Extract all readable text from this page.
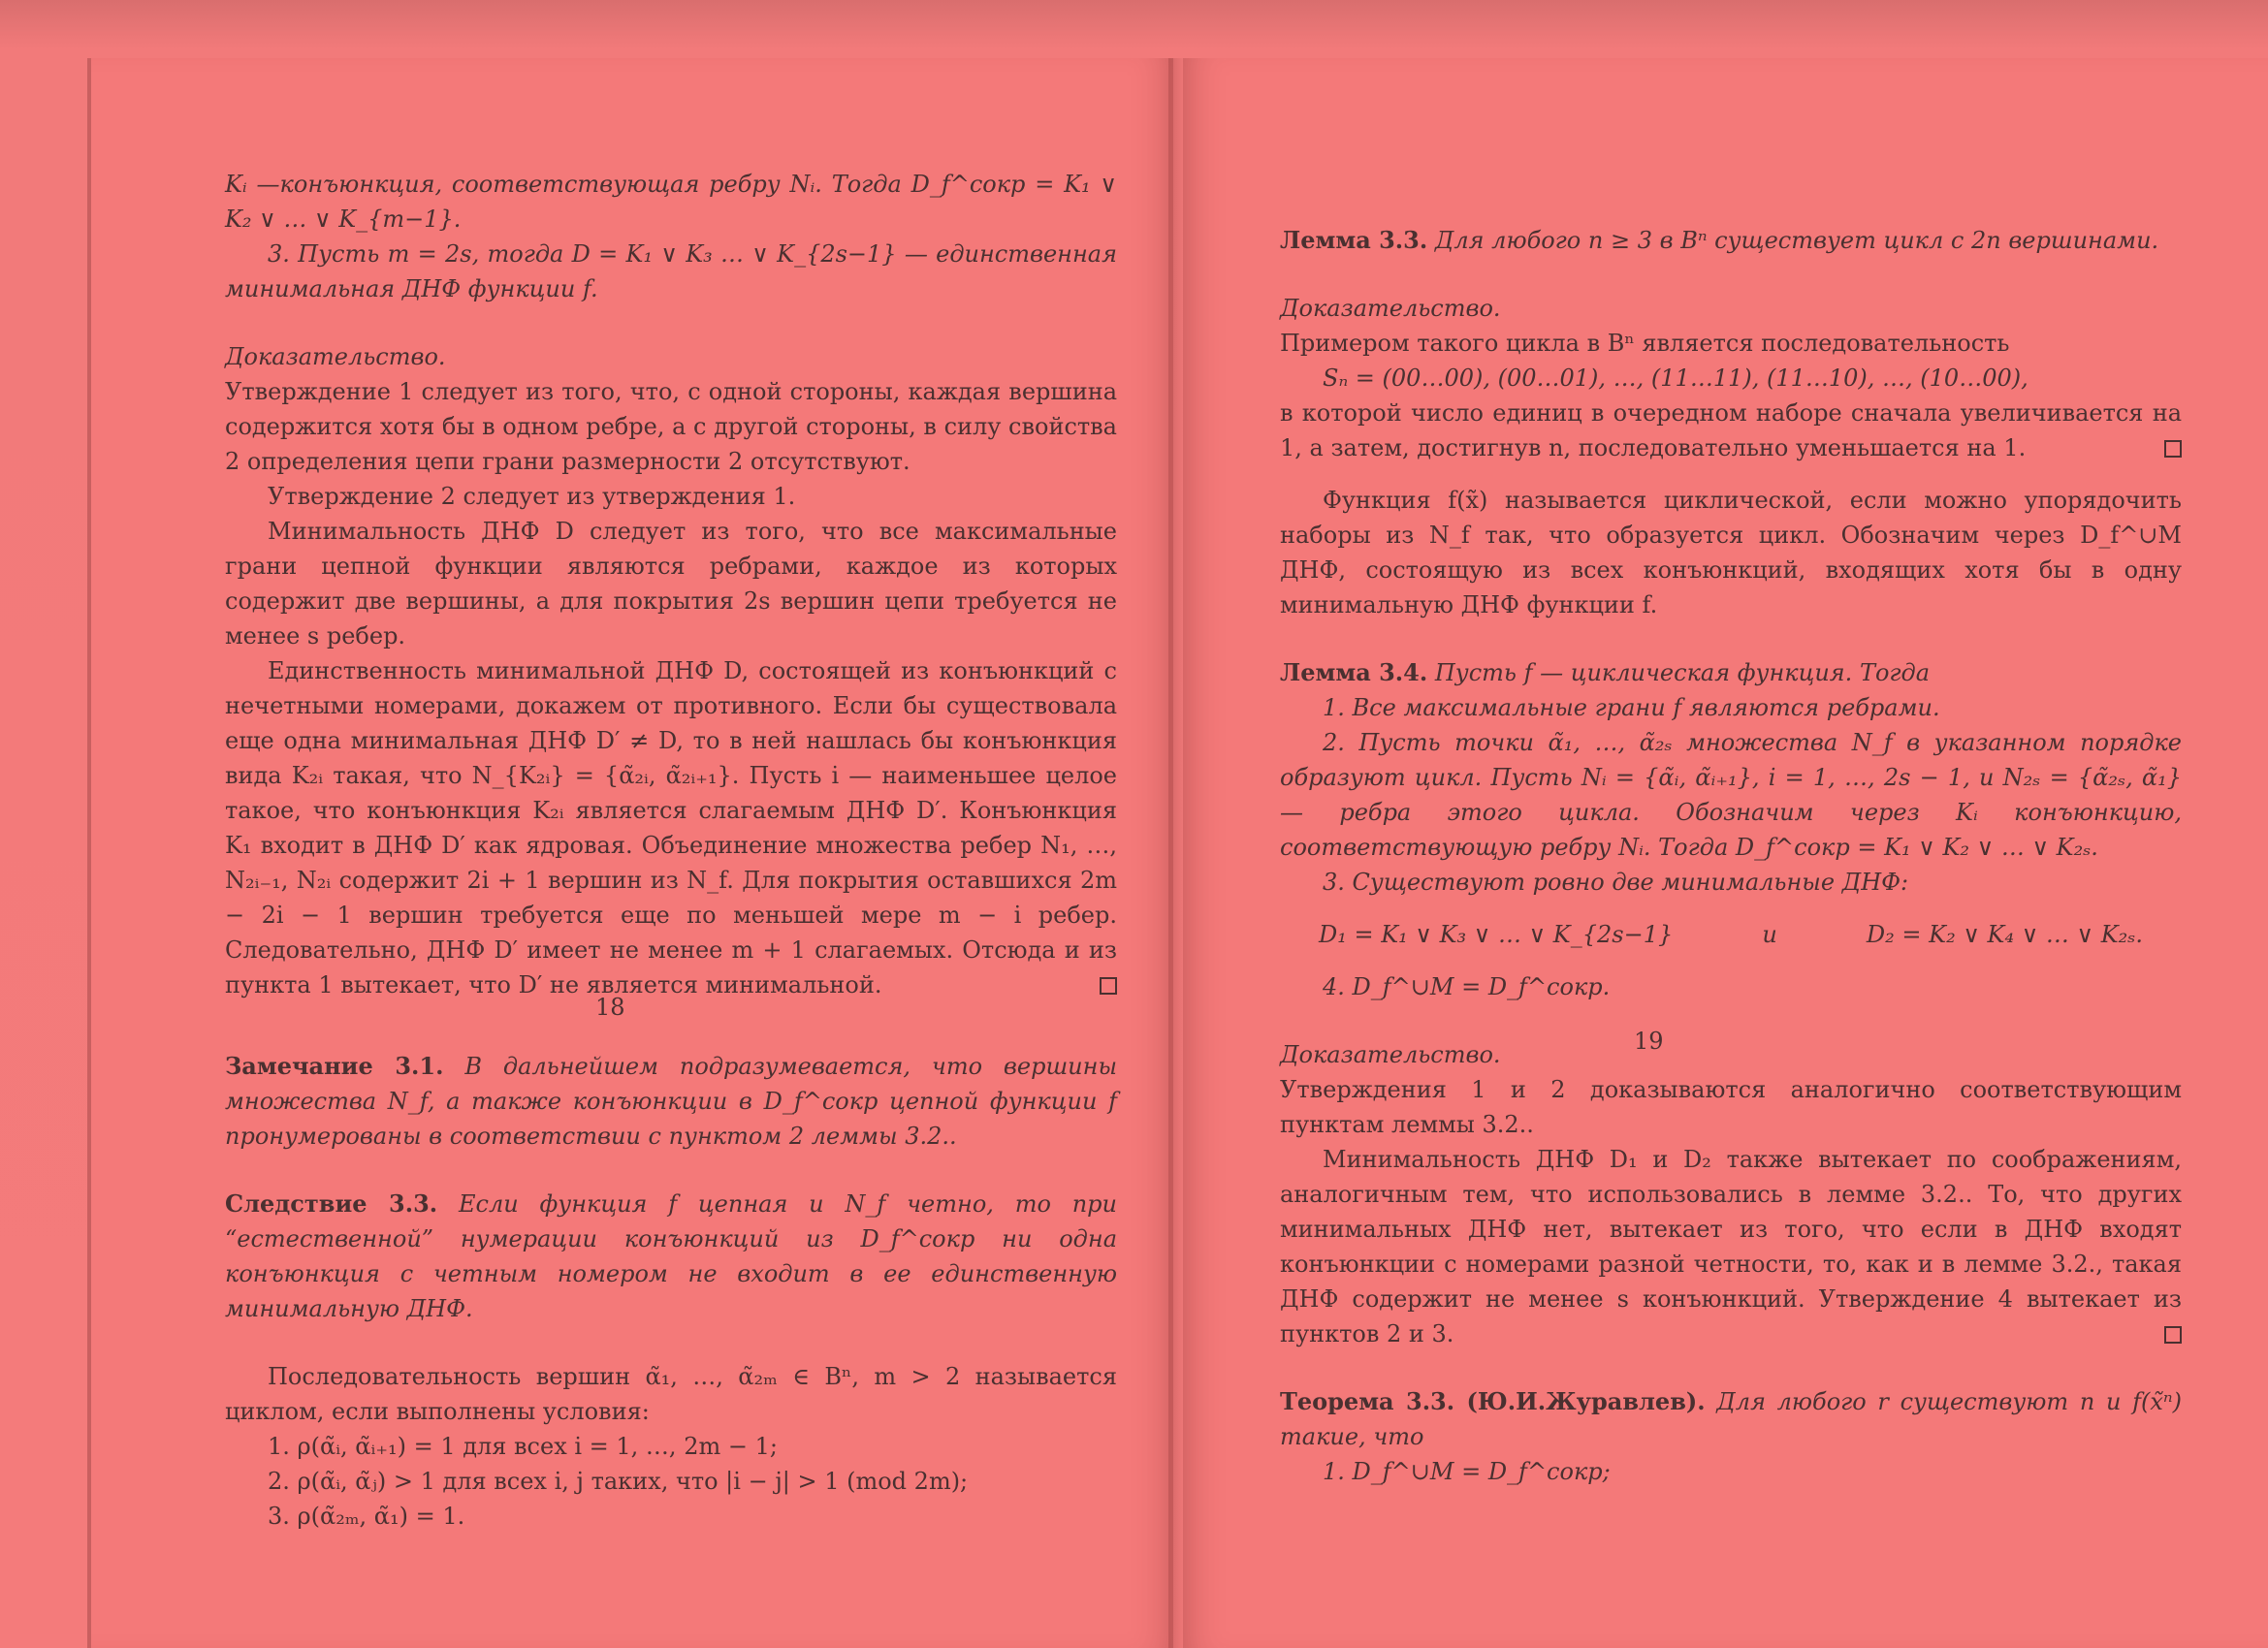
Kᵢ —конъюнкция, соответствующая ребру Nᵢ. Тогда D_f^сокр = K₁ ∨ K₂ ∨ … ∨ K_{m−1}.

3. Пусть m = 2s, тогда D = K₁ ∨ K₃ … ∨ K_{2s−1} — единственная минимальная ДНФ функции f.

Доказательство.

Утверждение 1 следует из того, что, с одной стороны, каждая вершина содержится хотя бы в одном ребре, а с другой стороны, в силу свойства 2 определения цепи грани размерности 2 отсутствуют.

Утверждение 2 следует из утверждения 1.

Минимальность ДНФ D следует из того, что все максимальные грани цепной функции являются ребрами, каждое из которых содержит две вершины, а для покрытия 2s вершин цепи требуется не менее s ребер.

Единственность минимальной ДНФ D, состоящей из конъюнкций с нечетными номерами, докажем от противного. Если бы существовала еще одна минимальная ДНФ D′ ≠ D, то в ней нашлась бы конъюнкция вида K₂ᵢ такая, что N_{K₂ᵢ} = {α̃₂ᵢ, α̃₂ᵢ₊₁}. Пусть i — наименьшее целое такое, что конъюнкция K₂ᵢ является слагаемым ДНФ D′. Конъюнкция K₁ входит в ДНФ D′ как ядровая. Объединение множества ребер N₁, …, N₂ᵢ₋₁, N₂ᵢ содержит 2i + 1 вершин из N_f. Для покрытия оставшихся 2m − 2i − 1 вершин требуется еще по меньшей мере m − i ребер. Следовательно, ДНФ D′ имеет не менее m + 1 слагаемых. Отсюда и из пункта 1 вытекает, что D′ не является минимальной.

Замечание 3.1. В дальнейшем подразумевается, что вершины множества N_f, а также конъюнкции в D_f^сокр цепной функции f пронумерованы в соответствии с пунктом 2 леммы 3.2..

Следствие 3.3. Если функция f цепная и N_f четно, то при “естественной” нумерации конъюнкций из D_f^сокр ни одна конъюнкция с четным номером не входит в ее единственную минимальную ДНФ.

Последовательность вершин α̃₁, …, α̃₂ₘ ∈ Bⁿ, m > 2 называется циклом, если выполнены условия:

1. ρ(α̃ᵢ, α̃ᵢ₊₁) = 1 для всех i = 1, …, 2m − 1;

2. ρ(α̃ᵢ, α̃ⱼ) > 1 для всех i, j таких, что |i − j| > 1 (mod 2m);

3. ρ(α̃₂ₘ, α̃₁) = 1.

18

Лемма 3.3. Для любого n ≥ 3 в Bⁿ существует цикл с 2n вершинами.

Доказательство.

Примером такого цикла в Bⁿ является последовательность

Sₙ = (00…00), (00…01), …, (11…11), (11…10), …, (10…00),

в которой число единиц в очередном наборе сначала увеличивается на 1, а затем, достигнув n, последовательно уменьшается на 1.

Функция f(x̃) называется циклической, если можно упорядочить наборы из N_f так, что образуется цикл. Обозначим через D_f^∪М ДНФ, состоящую из всех конъюнкций, входящих хотя бы в одну минимальную ДНФ функции f.

Лемма 3.4. Пусть f — циклическая функция. Тогда

1. Все максимальные грани f являются ребрами.

2. Пусть точки α̃₁, …, α̃₂ₛ множества N_f в указанном порядке образуют цикл. Пусть Nᵢ = {α̃ᵢ, α̃ᵢ₊₁}, i = 1, …, 2s − 1, и N₂ₛ = {α̃₂ₛ, α̃₁} — ребра этого цикла. Обозначим через Kᵢ конъюнкцию, соответствующую ребру Nᵢ. Тогда D_f^сокр = K₁ ∨ K₂ ∨ … ∨ K₂ₛ.

3. Существуют ровно две минимальные ДНФ:

D₁ = K₁ ∨ K₃ ∨ … ∨ K_{2s−1}	и	D₂ = K₂ ∨ K₄ ∨ … ∨ K₂ₛ.

4. D_f^∪М = D_f^сокр.

Доказательство.

Утверждения 1 и 2 доказываются аналогично соответствующим пунктам леммы 3.2..

Минимальность ДНФ D₁ и D₂ также вытекает по соображениям, аналогичным тем, что использовались в лемме 3.2.. То, что других минимальных ДНФ нет, вытекает из того, что если в ДНФ входят конъюнкции с номерами разной четности, то, как и в лемме 3.2., такая ДНФ содержит не менее s конъюнкций. Утверждение 4 вытекает из пунктов 2 и 3.

Теорема 3.3. (Ю.И.Журавлев). Для любого r существуют n и f(x̃ⁿ) такие, что

1. D_f^∪М = D_f^сокр;

19
